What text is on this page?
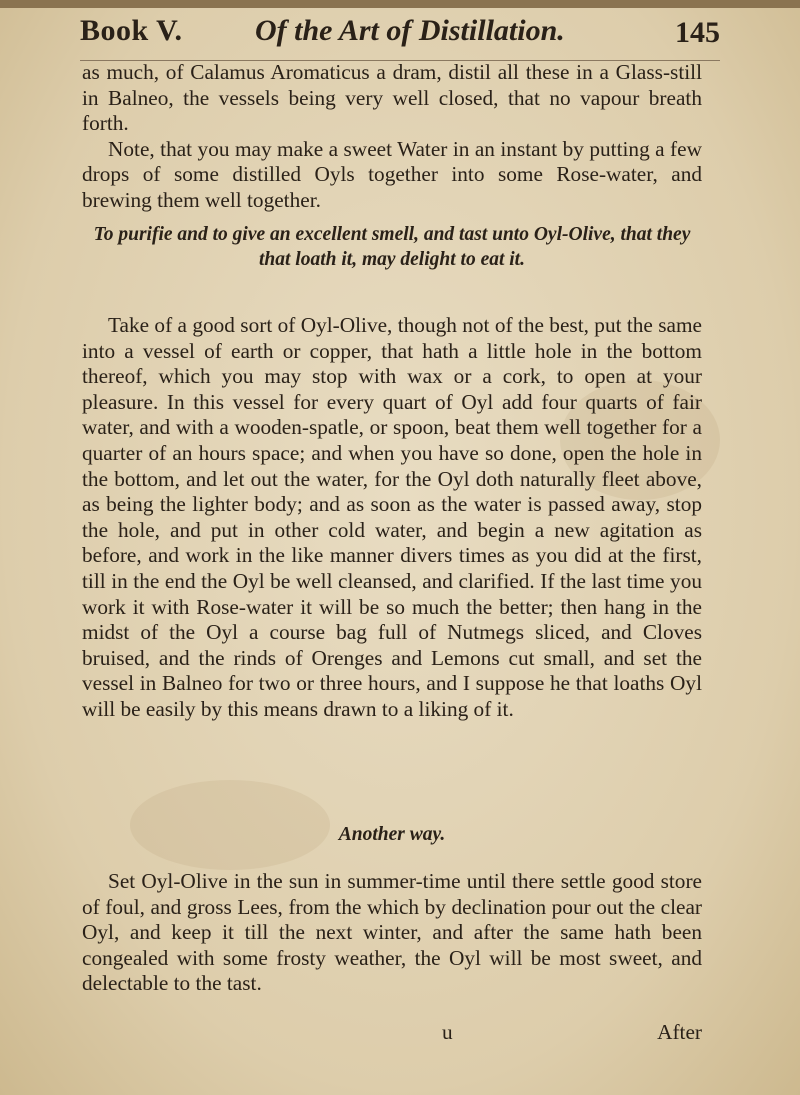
Book V. Of the Art of Distillation.	145

as much, of Calamus Aromaticus a dram, distil all these in a Glass-still in Balneo, the vessels being very well closed, that no vapour breath forth.
Note, that you may make a sweet Water in an instant by putting a few drops of some distilled Oyls together into some Rose-water, and brewing them well together.

To purifie and to give an excellent smell, and tast unto Oyl-Olive, that they that loath it, may delight to eat it.

Take of a good sort of Oyl-Olive, though not of the best, put the same into a vessel of earth or copper, that hath a little hole in the bottom thereof, which you may stop with wax or a cork, to open at your pleasure. In this vessel for every quart of Oyl add four quarts of fair water, and with a wooden-spatle, or spoon, beat them well together for a quarter of an hours space; and when you have so done, open the hole in the bottom, and let out the water, for the Oyl doth naturally fleet above, as being the lighter body; and as soon as the water is passed away, stop the hole, and put in other cold water, and begin a new agitation as before, and work in the like manner divers times as you did at the first, till in the end the Oyl be well cleansed, and clarified. If the last time you work it with Rose-water it will be so much the better; then hang in the midst of the Oyl a course bag full of Nutmegs sliced, and Cloves bruised, and the rinds of Orenges and Lemons cut small, and set the vessel in Balneo for two or three hours, and I suppose he that loaths Oyl will be easily by this means drawn to a liking of it.

Another way.

Set Oyl-Olive in the sun in summer-time until there settle good store of foul, and gross Lees, from the which by declination pour out the clear Oyl, and keep it till the next winter, and after the same hath been congealed with some frosty weather, the Oyl will be most sweet, and delectable to the tast.

u	After
